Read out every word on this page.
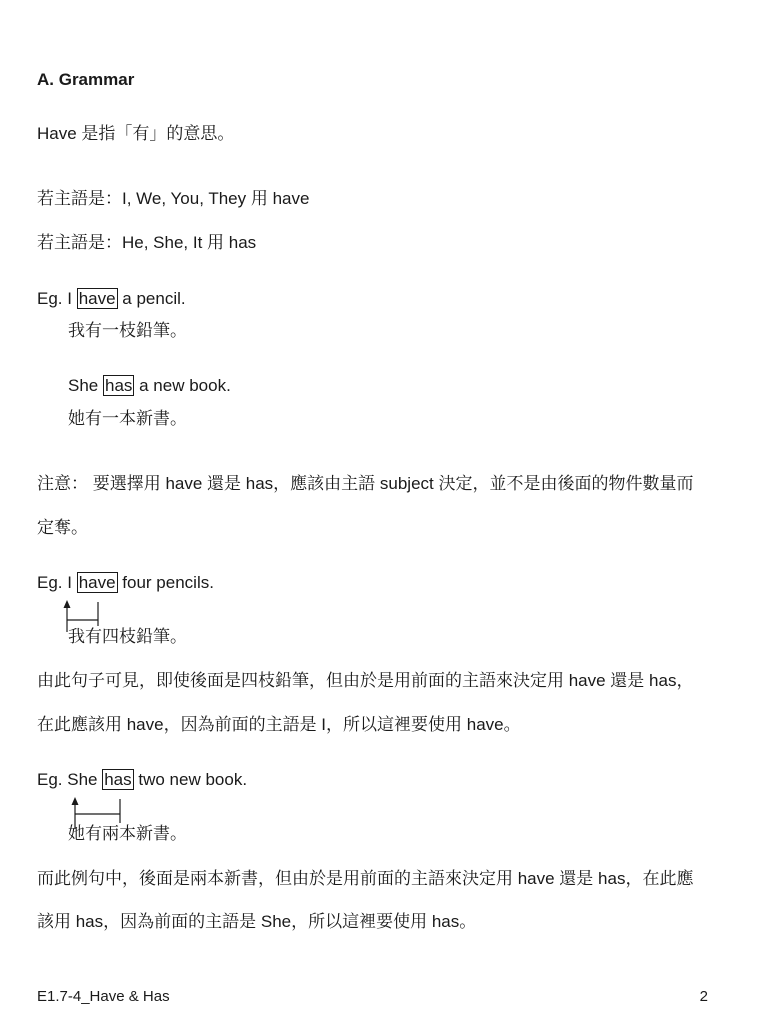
A. Grammar
Have 是指「有」的意思。
若主語是：I, We, You, They 用 have
若主語是：He, She, It 用 has
Eg. I have a pencil.
我有一枝鉛筆。
She has a new book.
她有一本新書。
注意： 要選擇用 have 還是 has，應該由主語 subject 決定，並不是由後面的物件數量而
定奪。
Eg. I have four pencils.
我有四枝鉛筆。
由此句子可見，即使後面是四枝鉛筆，但由於是用前面的主語來決定用 have 還是 has，
在此應該用 have，因為前面的主語是 I，所以這裡要使用 have。
Eg. She has two new book.
她有兩本新書。
而此例句中，後面是兩本新書，但由於是用前面的主語來決定用 have 還是 has，在此應
該用 has，因為前面的主語是 She，所以這裡要使用 has。
E1.7-4_Have & Has	2
